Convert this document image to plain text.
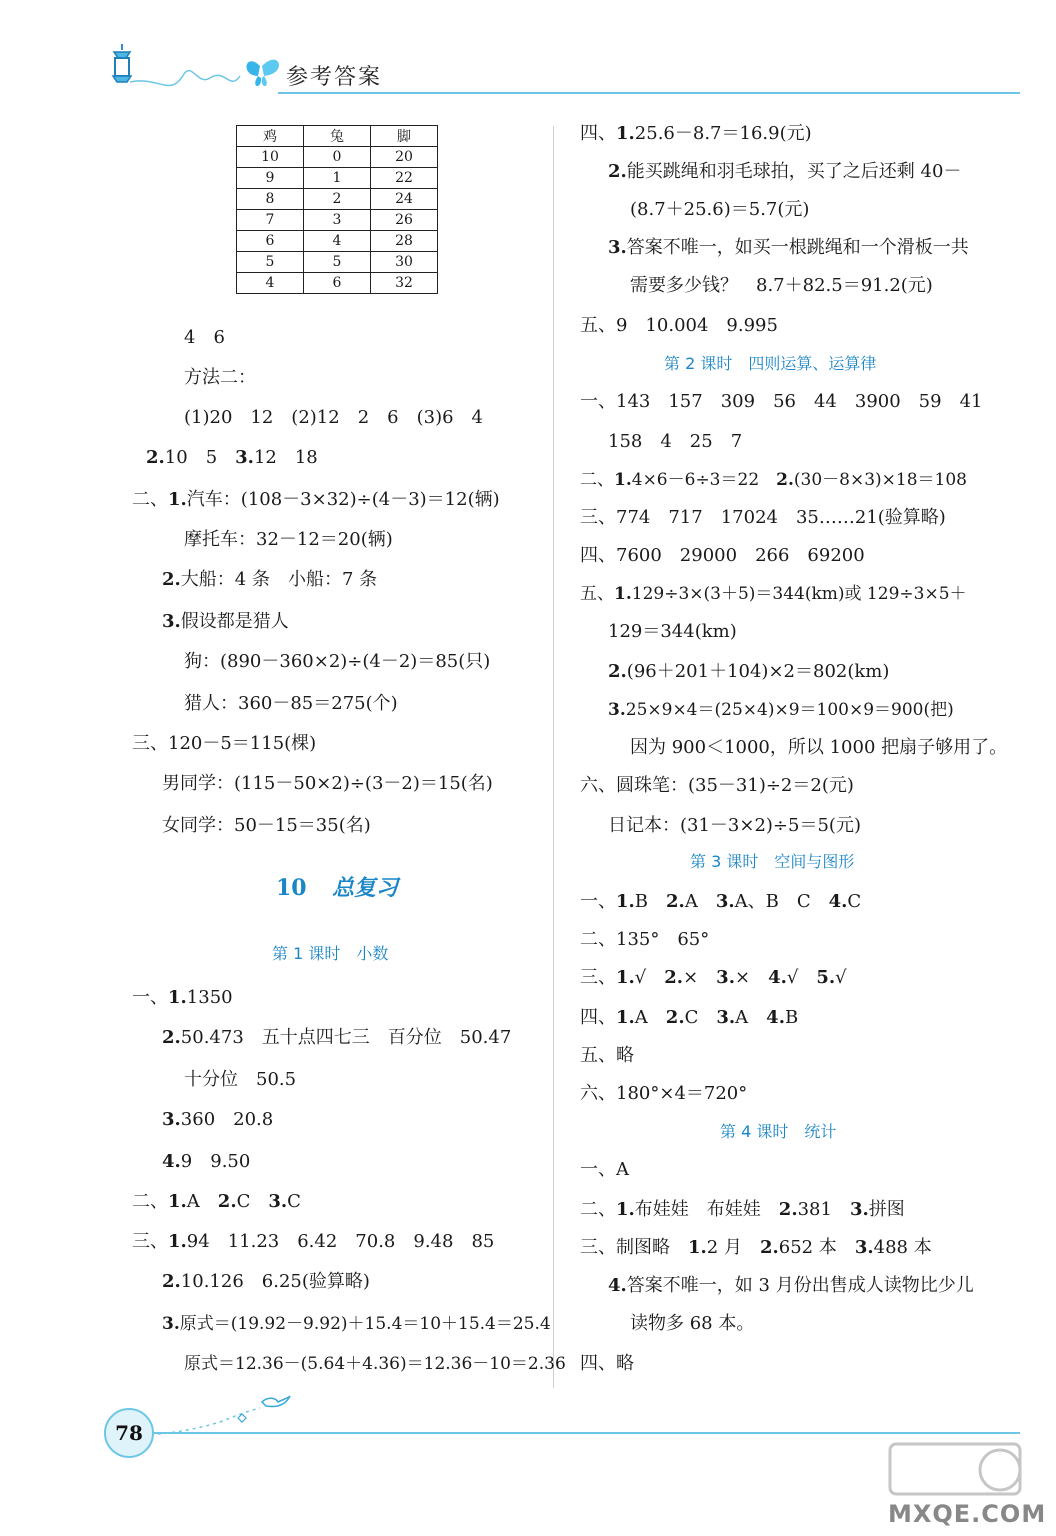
参考答案
鸡	兔	脚
10	0	20
9	1	22
8	2	24
7	3	26
6	4	28
5	5	30
4	6	32
4　6
方法二：
(1)20　12　(2)12　2　6　(3)6　4
2.10　5　3.12　18
二、1.汽车：(108－3×32)÷(4－3)＝12(辆)
摩托车：32－12＝20(辆)
2.大船：4 条　小船：7 条
3.假设都是猎人
狗：(890－360×2)÷(4－2)＝85(只)
猎人：360－85＝275(个)
三、120－5＝115(棵)
男同学：(115－50×2)÷(3－2)＝15(名)
女同学：50－15＝35(名)
10 总复习
第 1 课时　小数
一、1.1350
2.50.473　五十点四七三　百分位　50.47
十分位　50.5
3.360　20.8
4.9　9.50
二、1.A　2.C　3.C
三、1.94　11.23　6.42　70.8　9.48　85
2.10.126　6.25(验算略)
3.原式＝(19.92－9.92)＋15.4＝10＋15.4＝25.4
原式＝12.36－(5.64＋4.36)＝12.36－10＝2.36
四、1.25.6－8.7＝16.9(元)
2.能买跳绳和羽毛球拍，买了之后还剩 40－
(8.7＋25.6)＝5.7(元)
3.答案不唯一，如买一根跳绳和一个滑板一共
需要多少钱？　8.7＋82.5＝91.2(元)
五、9　10.004　9.995
第 2 课时　四则运算、运算律
一、143　157　309　56　44　3900　59　41
158　4　25　7
二、1.4×6－6÷3＝22　2.(30－8×3)×18＝108
三、774　717　17024　35……21(验算略)
四、7600　29000　266　69200
五、1.129÷3×(3＋5)＝344(km)或 129÷3×5＋
129＝344(km)
2.(96＋201＋104)×2＝802(km)
3.25×9×4＝(25×4)×9＝100×9＝900(把)
因为 900＜1000，所以 1000 把扇子够用了。
六、圆珠笔：(35－31)÷2＝2(元)
日记本：(31－3×2)÷5＝5(元)
第 3 课时　空间与图形
一、1.B　2.A　3.A、B　C　4.C
二、135°　65°
三、1.√　2.×　3.×　4.√　5.√
四、1.A　2.C　3.A　4.B
五、略
六、180°×4＝720°
第 4 课时　统计
一、A
二、1.布娃娃　布娃娃　2.381　3.拼图
三、制图略　1.2 月　2.652 本　3.488 本
4.答案不唯一，如 3 月份出售成人读物比少儿
读物多 68 本。
四、略
78
MXQE.COM
